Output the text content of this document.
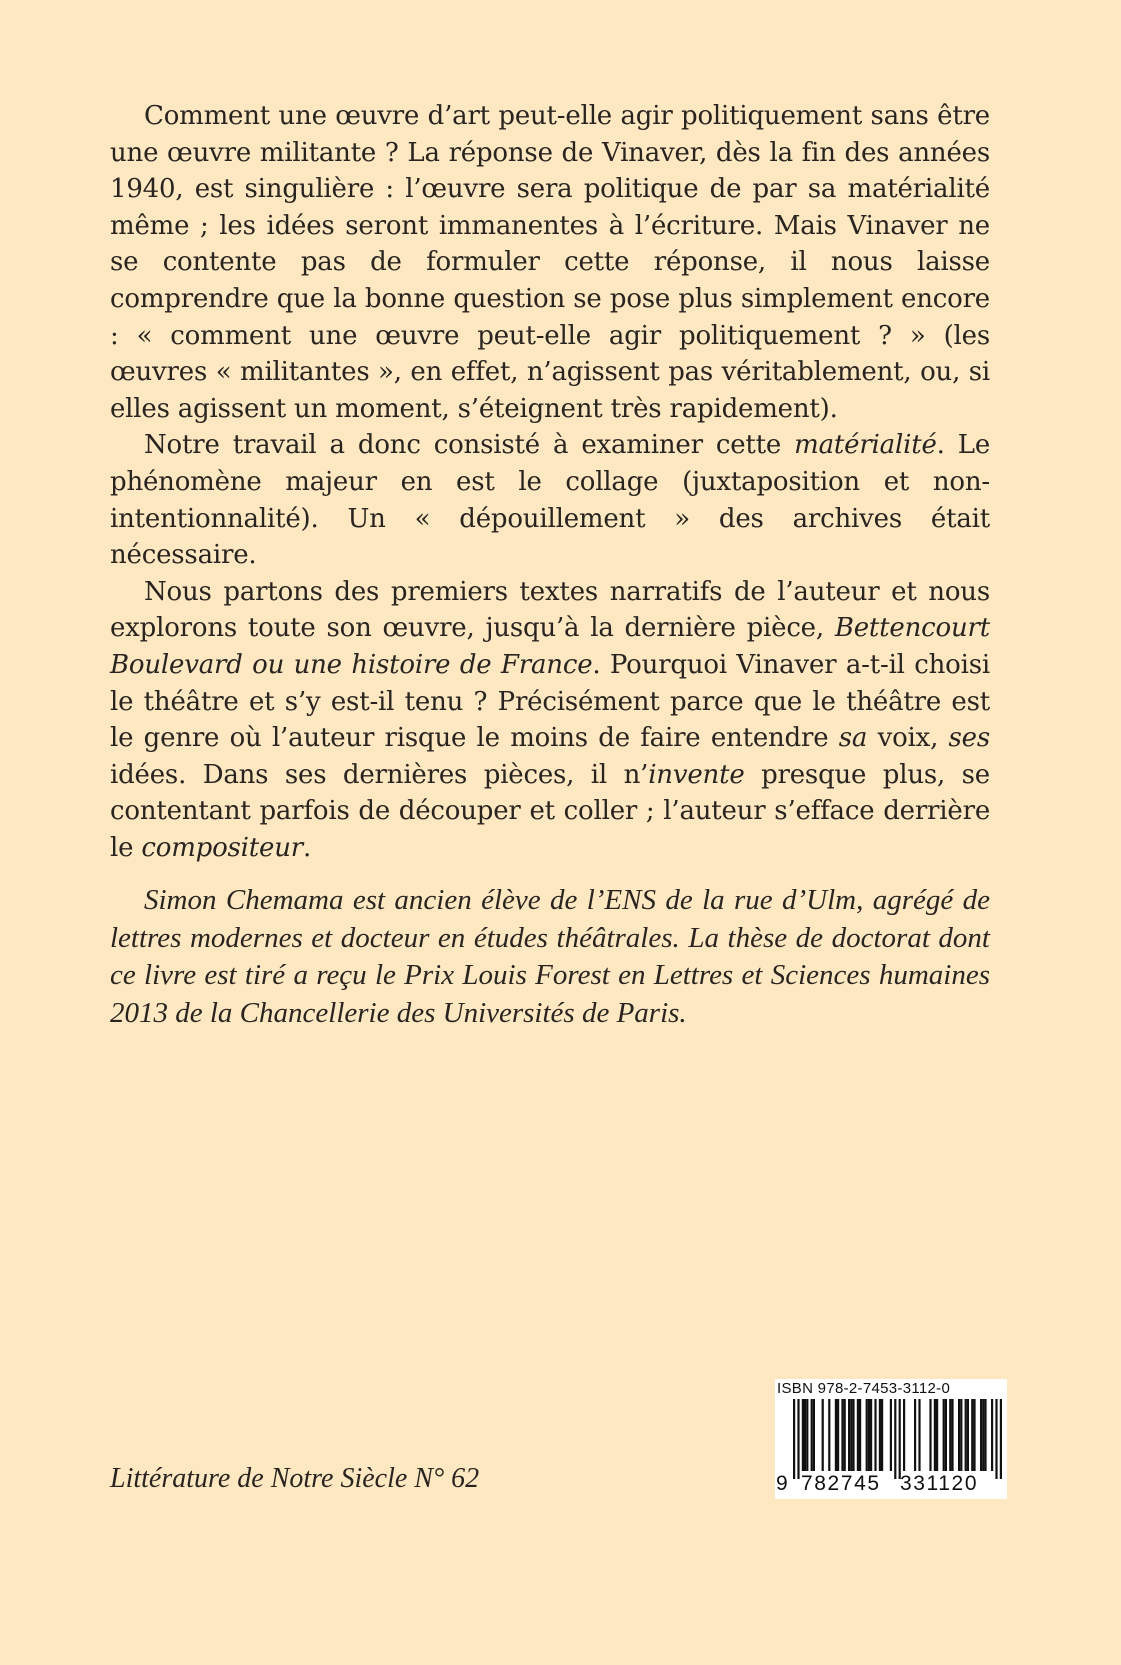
Comment une œuvre d’art peut-elle agir politiquement sans être une œuvre militante ? La réponse de Vinaver, dès la fin des années 1940, est singulière : l’œuvre sera politique de par sa matérialité même ; les idées seront immanentes à l’écriture. Mais Vinaver ne se contente pas de formuler cette réponse, il nous laisse comprendre que la bonne question se pose plus simplement encore : « comment une œuvre peut-elle agir politiquement ? » (les œuvres « militantes », en effet, n’agissent pas véritablement, ou, si elles agissent un moment, s’éteignent très rapidement).

Notre travail a donc consisté à examiner cette matérialité. Le phénomène majeur en est le collage (juxtaposition et non-intentionnalité). Un « dépouillement » des archives était nécessaire.

Nous partons des premiers textes narratifs de l’auteur et nous explorons toute son œuvre, jusqu’à la dernière pièce, Bettencourt Boulevard ou une histoire de France. Pourquoi Vinaver a-t-il choisi le théâtre et s’y est-il tenu ? Précisément parce que le théâtre est le genre où l’auteur risque le moins de faire entendre sa voix, ses idées. Dans ses dernières pièces, il n’invente presque plus, se contentant parfois de découper et coller ; l’auteur s’efface derrière le compositeur.

Simon Chemama est ancien élève de l’ENS de la rue d’Ulm, agrégé de lettres modernes et docteur en études théâtrales. La thèse de doctorat dont ce livre est tiré a reçu le Prix Louis Forest en Lettres et Sciences humaines 2013 de la Chancellerie des Universités de Paris.

Littérature de Notre Siècle N° 62

ISBN 978-2-7453-3112-0
9 782745 331120
